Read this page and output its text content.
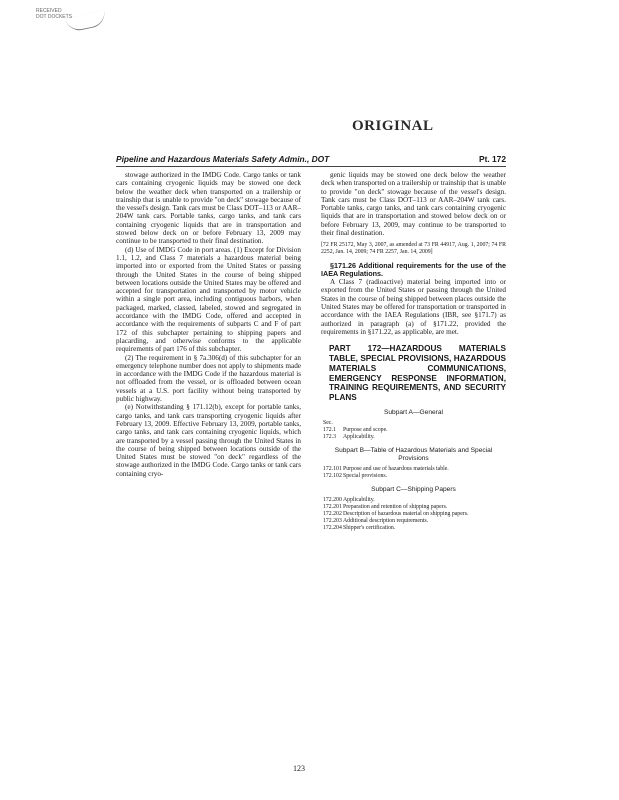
RECEIVED
DOT DOCKETS
ORIGINAL
Pipeline and Hazardous Materials Safety Admin., DOT	Pt. 172

stowage authorized in the IMDG Code. Cargo tanks or tank cars containing cryogenic liquids may be stowed one deck below the weather deck when transported on a trailership or trainship that is unable to provide "on deck" stowage because of the vessel's design. Tank cars must be Class DOT–113 or AAR–204W tank cars. Portable tanks, cargo tanks, and tank cars containing cryogenic liquids that are in transportation and stowed below deck on or before February 13, 2009 may continue to be transported to their final destination.

(d) Use of IMDG Code in port areas. (1) Except for Division 1.1, 1.2, and Class 7 materials a hazardous material being imported into or exported from the United States or passing through the United States in the course of being shipped between locations outside the United States may be offered and accepted for transportation and transported by motor vehicle within a single port area, including contiguous harbors, when packaged, marked, classed, labeled, stowed and segregated in accordance with the IMDG Code, offered and accepted in accordance with the requirements of subparts C and F of part 172 of this subchapter pertaining to shipping papers and placarding, and otherwise conforms to the applicable requirements of part 176 of this subchapter.

(2) The requirement in § 7a.306(d) of this subchapter for an emergency telephone number does not apply to shipments made in accordance with the IMDG Code if the hazardous material is not offloaded from the vessel, or is offloaded between ocean vessels at a U.S. port facility without being transported by public highway.

(e) Notwithstanding § 171.12(b), except for portable tanks, cargo tanks, and tank cars transporting cryogenic liquids after February 13, 2009. Effective February 13, 2009, portable tanks, cargo tanks, and tank cars containing cryogenic liquids, which are transported by a vessel passing through the United States in the course of being shipped between locations outside of the United States must be stowed "on deck" regardless of the stowage authorized in the IMDG Code. Cargo tanks or tank cars containing cryo-

genic liquids may be stowed one deck below the weather deck when transported on a trailership or trainship that is unable to provide "on deck" stowage because of the vessel's design. Tank cars must be Class DOT–113 or AAR–204W tank cars. Portable tanks, cargo tanks, and tank cars containing cryogenic liquids that are in transportation and stowed below deck on or before February 13, 2009, may continue to be transported to their final destination.

[72 FR 25172, May 3, 2007, as amended at 73 FR 44917, Aug. 1, 2007; 74 FR 2252, Jan. 14, 2009; 74 FR 2257, Jan. 14, 2009]

§171.26 Additional requirements for the use of the IAEA Regulations.

A Class 7 (radioactive) material being imported into or exported from the United States or passing through the United States in the course of being shipped between places outside the United States may be offered for transportation or transported in accordance with the IAEA Regulations (IBR, see §171.7) as authorized in paragraph (a) of §171.22, provided the requirements in §171.22, as applicable, are met.

PART 172—HAZARDOUS MATERIALS TABLE, SPECIAL PROVISIONS, HAZARDOUS MATERIALS COMMUNICATIONS, EMERGENCY RESPONSE INFORMATION, TRAINING REQUIREMENTS, AND SECURITY PLANS
Subpart A—General
Sec.
172.1	Purpose and scope.
172.3	Applicability.
Subpart B—Table of Hazardous Materials and Special Provisions
172.101 Purpose and use of hazardous materials table.
172.102 Special provisions.
Subpart C—Shipping Papers
172.200 Applicability.
172.201 Preparation and retention of shipping papers.
172.202 Description of hazardous material on shipping papers.
172.203 Additional description requirements.
172.204 Shipper's certification.
123
